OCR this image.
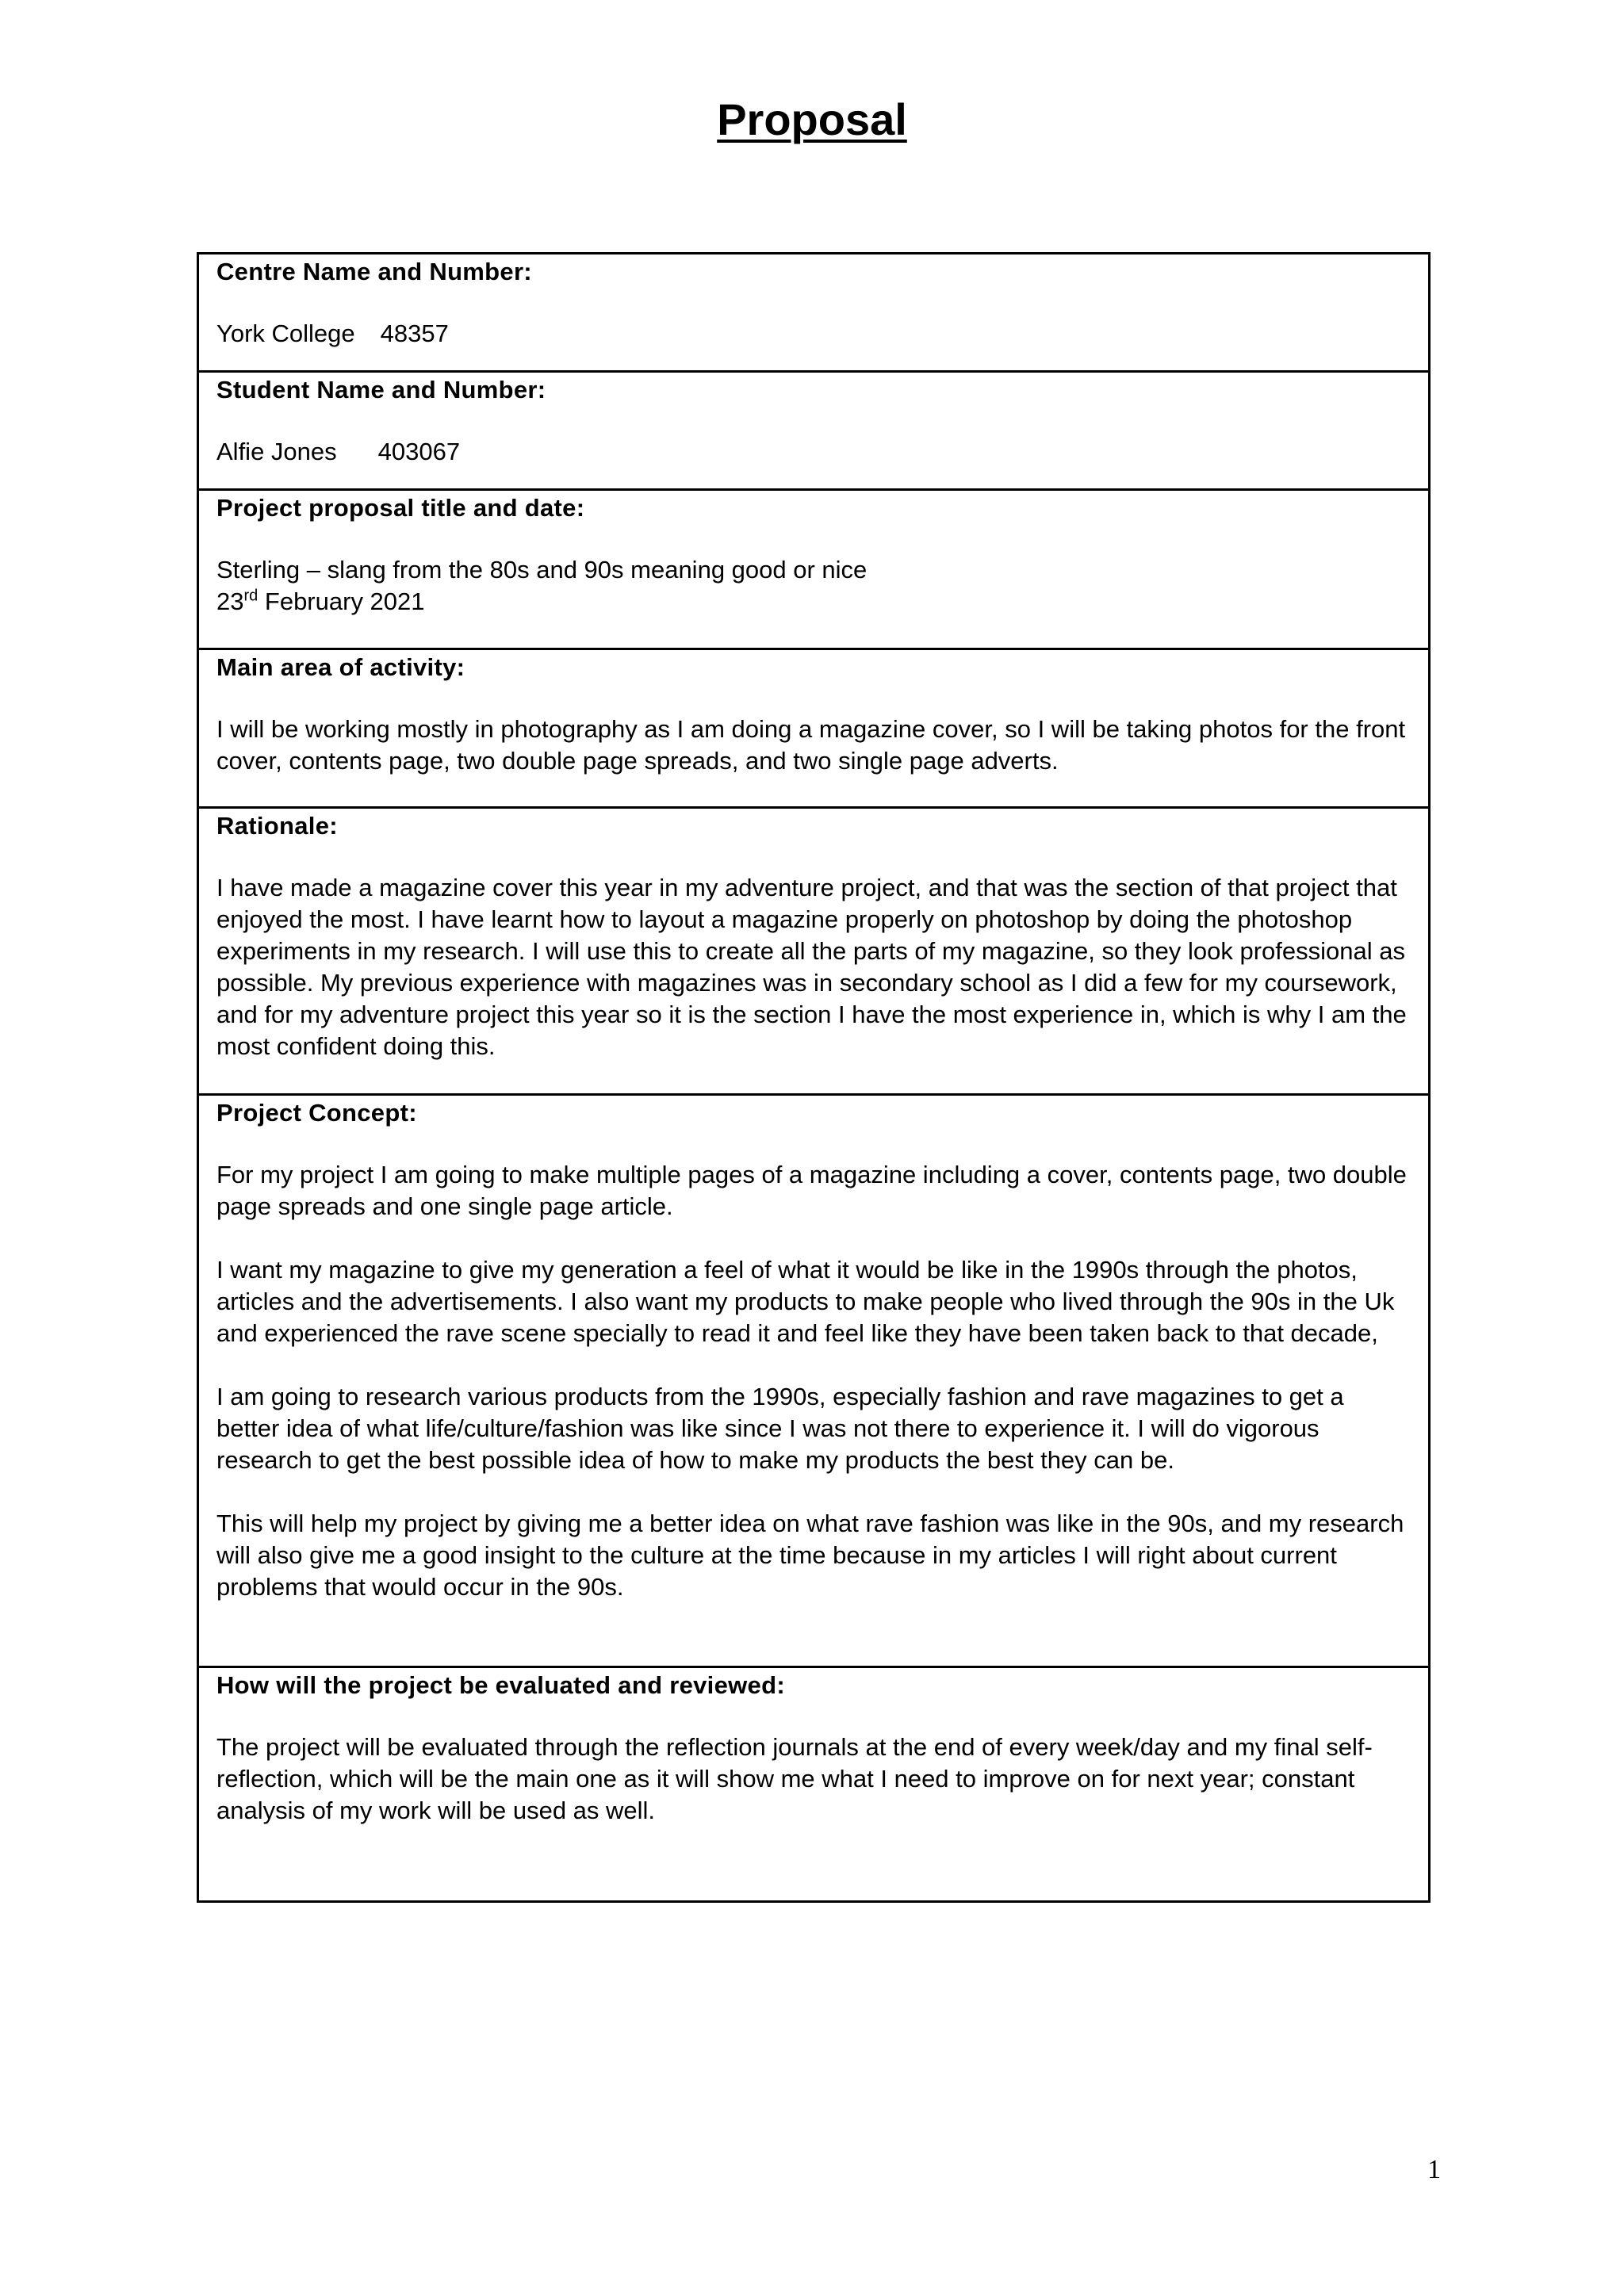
Proposal
Centre Name and Number:

York College 48357

Student Name and Number:

Alfie Jones 403067

Project proposal title and date:

Sterling – slang from the 80s and 90s meaning good or nice

23rd February 2021

Main area of activity:

I will be working mostly in photography as I am doing a magazine cover, so I will be taking photos for the front cover, contents page, two double page spreads, and two single page adverts.

Rationale:

I have made a magazine cover this year in my adventure project, and that was the section of that project that enjoyed the most. I have learnt how to layout a magazine properly on photoshop by doing the photoshop experiments in my research. I will use this to create all the parts of my magazine, so they look professional as possible. My previous experience with magazines was in secondary school as I did a few for my coursework, and for my adventure project this year so it is the section I have the most experience in, which is why I am the most confident doing this.

Project Concept:

For my project I am going to make multiple pages of a magazine including a cover, contents page, two double page spreads and one single page article.

I want my magazine to give my generation a feel of what it would be like in the 1990s through the photos, articles and the advertisements. I also want my products to make people who lived through the 90s in the Uk and experienced the rave scene specially to read it and feel like they have been taken back to that decade,

I am going to research various products from the 1990s, especially fashion and rave magazines to get a better idea of what life/culture/fashion was like since I was not there to experience it. I will do vigorous research to get the best possible idea of how to make my products the best they can be.

This will help my project by giving me a better idea on what rave fashion was like in the 90s, and my research will also give me a good insight to the culture at the time because in my articles I will right about current problems that would occur in the 90s.

How will the project be evaluated and reviewed:

The project will be evaluated through the reflection journals at the end of every week/day and my final self-reflection, which will be the main one as it will show me what I need to improve on for next year; constant analysis of my work will be used as well.

1
